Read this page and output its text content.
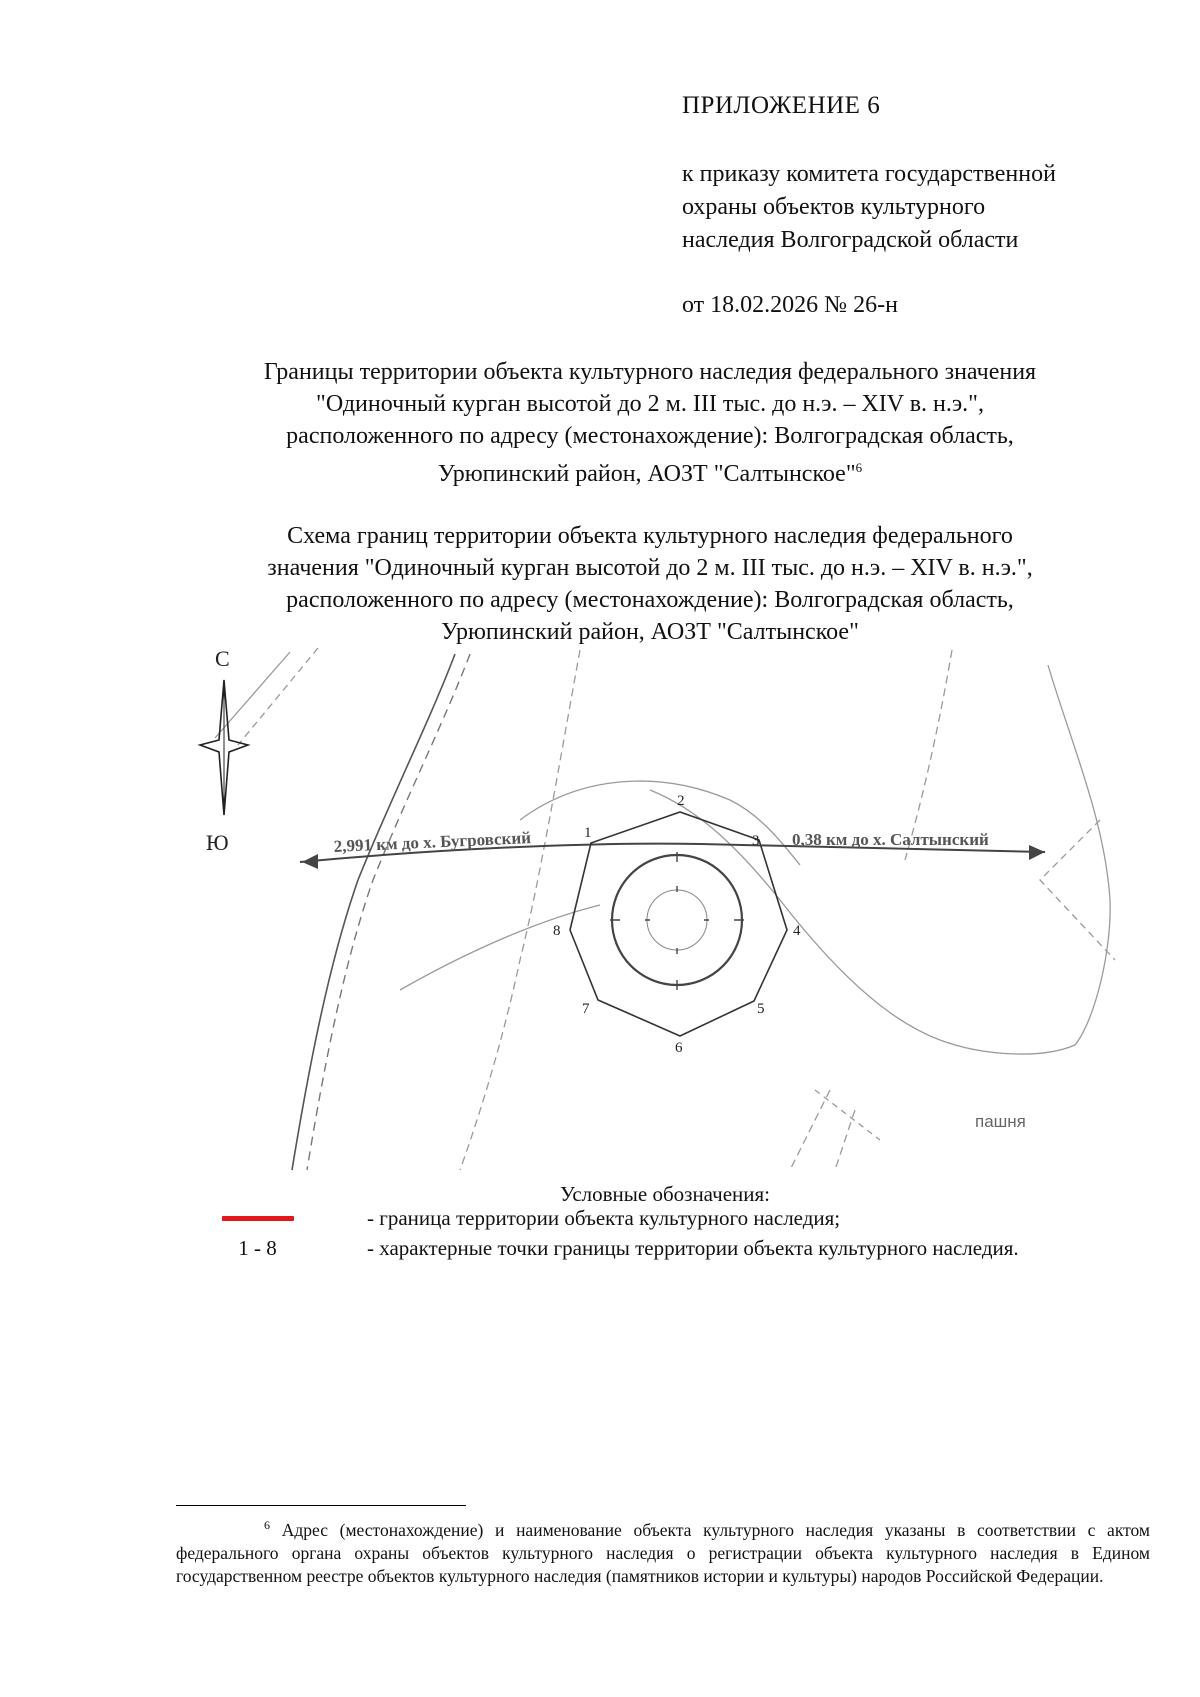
ПРИЛОЖЕНИЕ 6
к приказу комитета государственной
охраны объектов культурного
наследия Волгоградской области
от 18.02.2026 № 26-н
Границы территории объекта культурного наследия федерального значения
"Одиночный курган высотой до 2 м. III тыс. до н.э. – XIV в. н.э.",
расположенного по адресу (местонахождение): Волгоградская область,
Урюпинский район, АОЗТ "Салтынское"$^6$
Схема границ территории объекта культурного наследия федерального
значения "Одиночный курган высотой до 2 м. III тыс. до н.э. – XIV в. н.э.",
расположенного по адресу (местонахождение): Волгоградская область,
Урюпинский район, АОЗТ "Салтынское"
С
Ю	2,991 км до х. Бугровский	0,38 км до х. Салтынский
1
2
3
4
5
6
7
8
пашня
Условные обозначения:
- граница территории объекта культурного наследия;
1 - 8	- характерные точки границы территории объекта культурного наследия.
$^6$ Адрес (местонахождение) и наименование объекта культурного наследия указаны в соответствии с актом федерального органа охраны объектов культурного наследия о регистрации объекта культурного наследия в Едином государственном реестре объектов культурного наследия (памятников истории и культуры) народов Российской Федерации.
